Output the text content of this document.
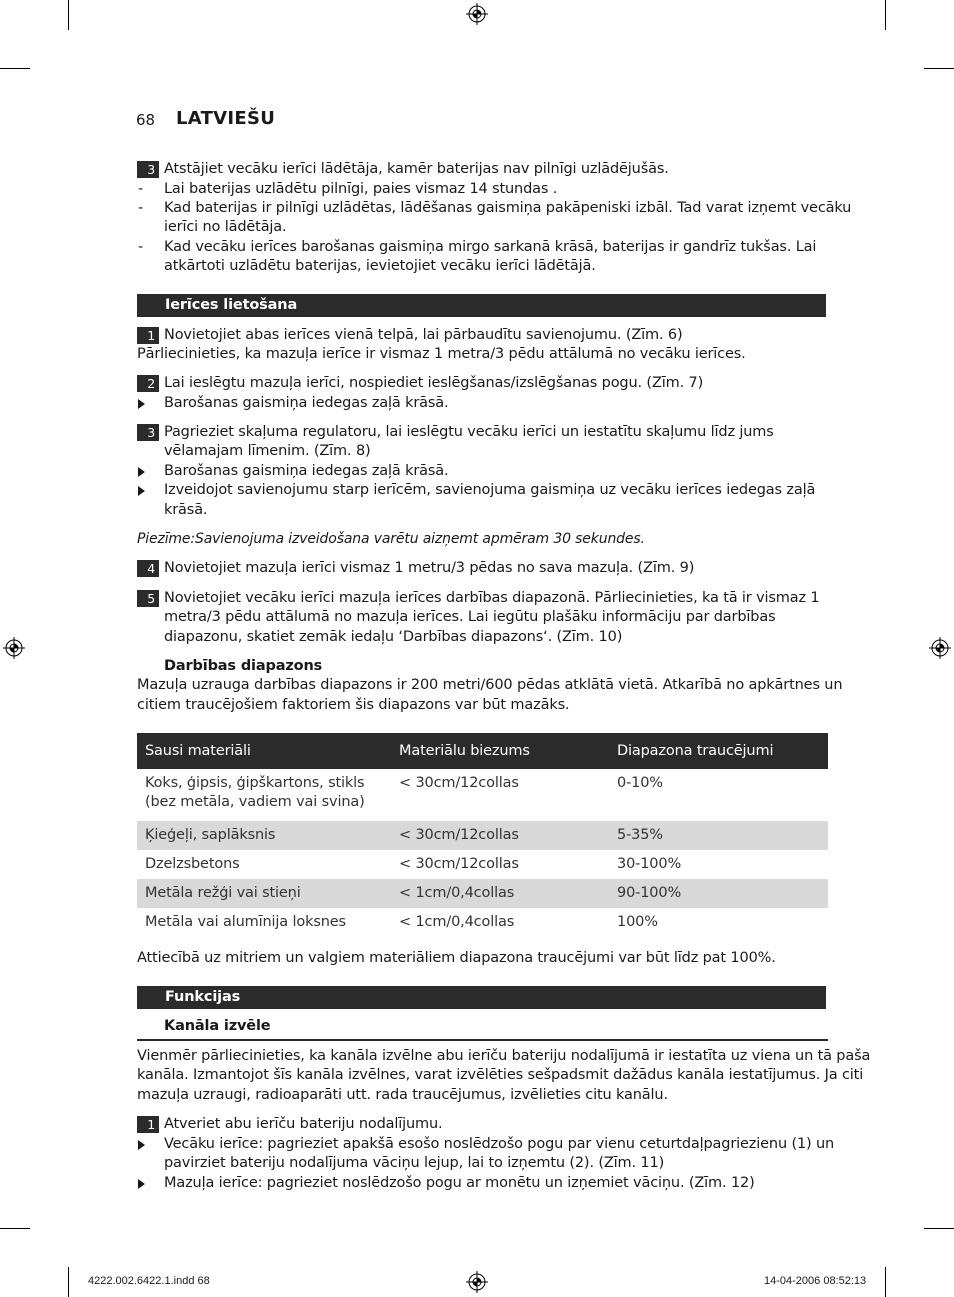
68 LATVIEŠU
3 Atstājiet vecāku ierīci lādētāja, kamēr baterijas nav pilnīgi uzlādējušās.
- Lai baterijas uzlādētu pilnīgi, paies vismaz 14 stundas .
- Kad baterijas ir pilnīgi uzlādētas, lādēšanas gaismiņa pakāpeniski izbāl. Tad varat izņemt vecāku
ierīci no lādētāja.
- Kad vecāku ierīces barošanas gaismiņa mirgo sarkanā krāsā, baterijas ir gandrīz tukšas. Lai
atkārtoti uzlādētu baterijas, ievietojiet vecāku ierīci lādētājā.
Ierīces lietošana
1 Novietojiet abas ierīces vienā telpā, lai pārbaudītu savienojumu. (Zīm. 6)
Pārliecinieties, ka mazuļa ierīce ir vismaz 1 metra/3 pēdu attālumā no vecāku ierīces.
2 Lai ieslēgtu mazuļa ierīci, nospiediet ieslēgšanas/izslēgšanas pogu. (Zīm. 7)
Barošanas gaismiņa iedegas zaļā krāsā.
3 Pagrieziet skaļuma regulatoru, lai ieslēgtu vecāku ierīci un iestatītu skaļumu līdz jums
vēlamajam līmenim. (Zīm. 8)
Barošanas gaismiņa iedegas zaļā krāsā.
Izveidojot savienojumu starp ierīcēm, savienojuma gaismiņa uz vecāku ierīces iedegas zaļā
krāsā.
Piezīme:Savienojuma izveidošana varētu aizņemt apmēram 30 sekundes.
4 Novietojiet mazuļa ierīci vismaz 1 metru/3 pēdas no sava mazuļa. (Zīm. 9)
5 Novietojiet vecāku ierīci mazuļa ierīces darbības diapazonā. Pārliecinieties, ka tā ir vismaz 1
metra/3 pēdu attālumā no mazuļa ierīces. Lai iegūtu plašāku informāciju par darbības
diapazonu, skatiet zemāk iedaļu ‘Darbības diapazons‘. (Zīm. 10)
Darbības diapazons
Mazuļa uzrauga darbības diapazons ir 200 metri/600 pēdas atklātā vietā. Atkarībā no apkārtnes un
citiem traucējošiem faktoriem šis diapazons var būt mazāks.
Sausi materiāli	Materiālu biezums	Diapazona traucējumi
Koks, ģipsis, ģipškartons, stikls (bez metāla, vadiem vai svina)	< 30cm/12collas	0-10%
Ķieģeļi, saplāksnis	< 30cm/12collas	5-35%
Dzelzsbetons	< 30cm/12collas	30-100%
Metāla režģi vai stieņi	< 1cm/0,4collas	90-100%
Metāla vai alumīnija loksnes	< 1cm/0,4collas	100%
Attiecībā uz mitriem un valgiem materiāliem diapazona traucējumi var būt līdz pat 100%.
Funkcijas
Kanāla izvēle
Vienmēr pārliecinieties, ka kanāla izvēlne abu ierīču bateriju nodalījumā ir iestatīta uz viena un tā paša
kanāla. Izmantojot šīs kanāla izvēlnes, varat izvēlēties sešpadsmit dažādus kanāla iestatījumus. Ja citi
mazuļa uzraugi, radioaparāti utt. rada traucējumus, izvēlieties citu kanālu.
1 Atveriet abu ierīču bateriju nodalījumu.
Vecāku ierīce: pagrieziet apakšā esošo noslēdzošo pogu par vienu ceturtdaļpagriezienu (1) un
pavirziet bateriju nodalījuma vāciņu lejup, lai to izņemtu (2). (Zīm. 11)
Mazuļa ierīce: pagrieziet noslēdzošo pogu ar monētu un izņemiet vāciņu. (Zīm. 12)
4222.002.6422.1.indd 68	14-04-2006 08:52:13
